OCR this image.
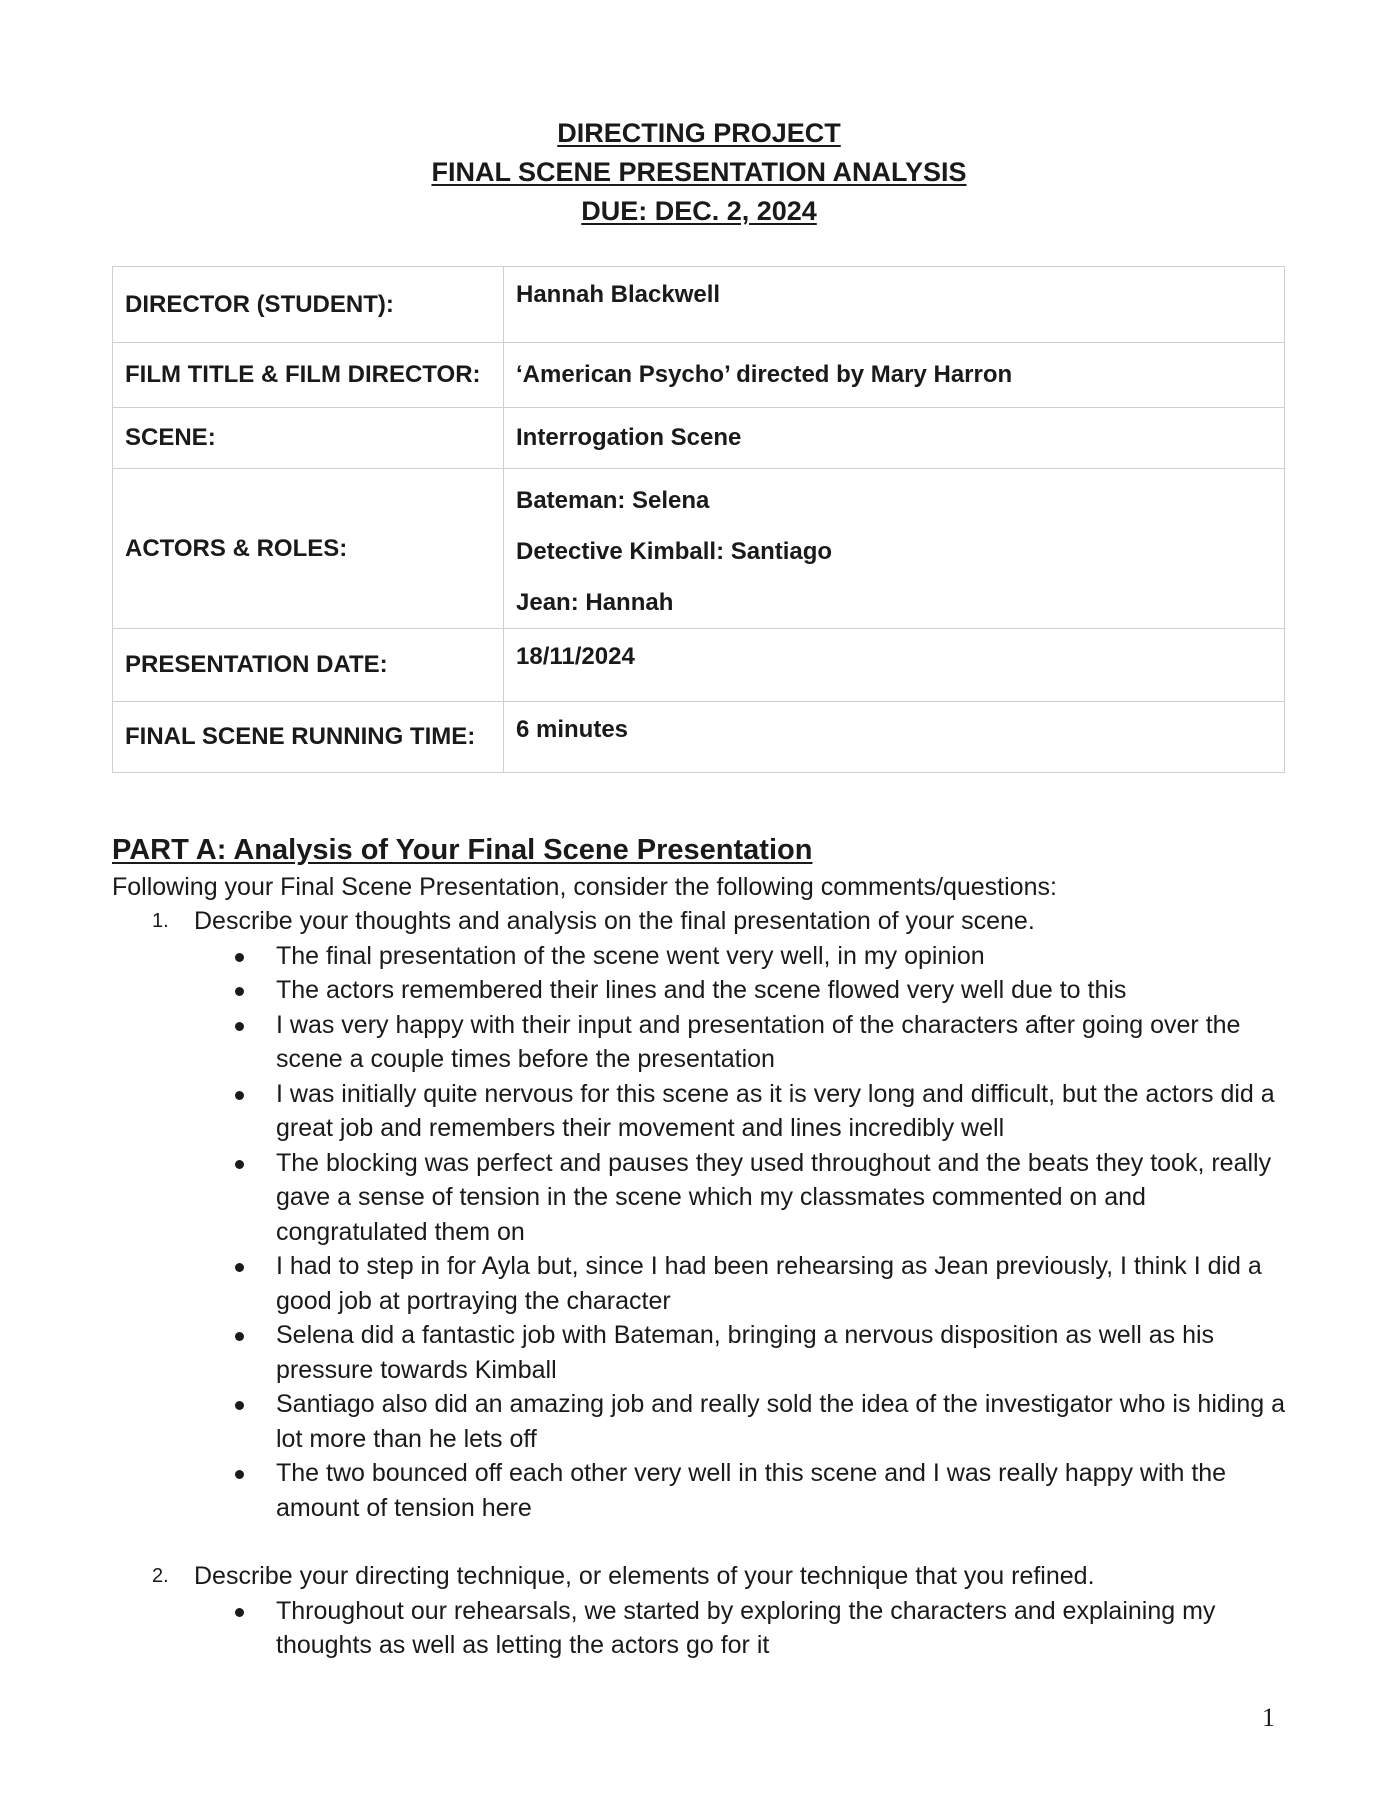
DIRECTING PROJECT
FINAL SCENE PRESENTATION ANALYSIS
DUE: DEC. 2, 2024
DIRECTOR (STUDENT):	Hannah Blackwell
FILM TITLE & FILM DIRECTOR:	‘American Psycho’ directed by Mary Harron
SCENE:	Interrogation Scene
ACTORS & ROLES:	Bateman: Selena
Detective Kimball: Santiago
Jean: Hannah

PRESENTATION DATE:	18/11/2024
FINAL SCENE RUNNING TIME:	6 minutes
PART A: Analysis of Your Final Scene Presentation
Following your Final Scene Presentation, consider the following comments/questions:
1. Describe your thoughts and analysis on the final presentation of your scene.
The final presentation of the scene went very well, in my opinion
The actors remembered their lines and the scene flowed very well due to this
I was very happy with their input and presentation of the characters after going over the scene a couple times before the presentation
I was initially quite nervous for this scene as it is very long and difficult, but the actors did a great job and remembers their movement and lines incredibly well
The blocking was perfect and pauses they used throughout and the beats they took, really gave a sense of tension in the scene which my classmates commented on and congratulated them on
I had to step in for Ayla but, since I had been rehearsing as Jean previously, I think I did a good job at portraying the character
Selena did a fantastic job with Bateman, bringing a nervous disposition as well as his pressure towards Kimball
Santiago also did an amazing job and really sold the idea of the investigator who is hiding a lot more than he lets off
The two bounced off each other very well in this scene and I was really happy with the amount of tension here
2. Describe your directing technique, or elements of your technique that you refined.
Throughout our rehearsals, we started by exploring the characters and explaining my thoughts as well as letting the actors go for it
1
